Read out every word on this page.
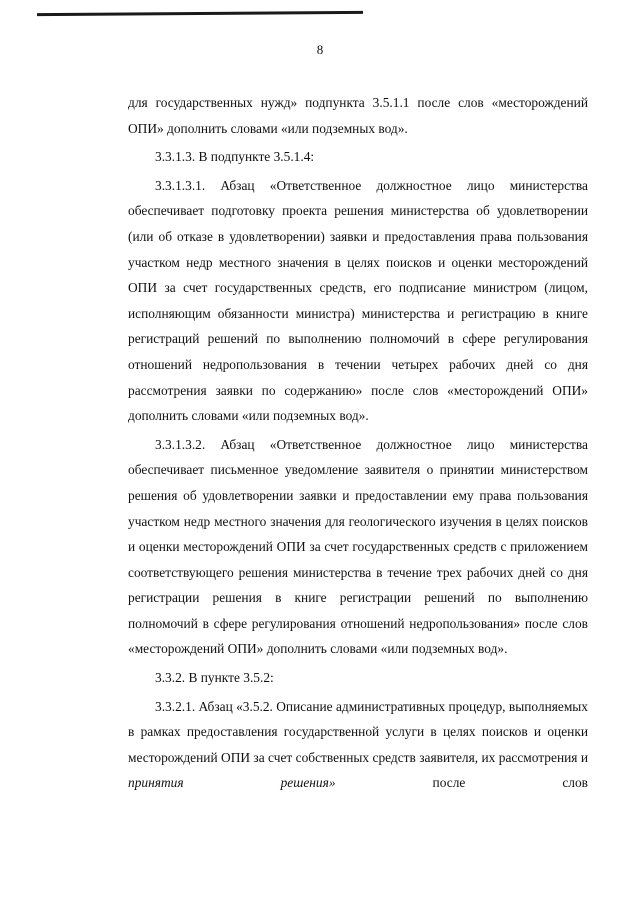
8

для государственных нужд» подпункта 3.5.1.1 после слов «месторождений ОПИ» дополнить словами «или подземных вод».

3.3.1.3. В подпункте 3.5.1.4:

3.3.1.3.1. Абзац «Ответственное должностное лицо министерства обеспечивает подготовку проекта решения министерства об удовлетворении (или об отказе в удовлетворении) заявки и предоставления права пользования участком недр местного значения в целях поисков и оценки месторождений ОПИ за счет государственных средств, его подписание министром (лицом, исполняющим обязанности министра) министерства и регистрацию в книге регистраций решений по выполнению полномочий в сфере регулирования отношений недропользования в течении четырех рабочих дней со дня рассмотрения заявки по содержанию» после слов «месторождений ОПИ» дополнить словами «или подземных вод».

3.3.1.3.2. Абзац «Ответственное должностное лицо министерства обеспечивает письменное уведомление заявителя о принятии министерством решения об удовлетворении заявки и предоставлении ему права пользования участком недр местного значения для геологического изучения в целях поисков и оценки месторождений ОПИ за счет государственных средств с приложением соответствующего решения министерства в течение трех рабочих дней со дня регистрации решения в книге регистрации решений по выполнению полномочий в сфере регулирования отношений недропользования» после слов «месторождений ОПИ» дополнить словами «или подземных вод».

3.3.2. В пункте 3.5.2:

3.3.2.1. Абзац «3.5.2. Описание административных процедур, выполняемых в рамках предоставления государственной услуги в целях поисков и оценки месторождений ОПИ за счет собственных средств заявителя, их рассмотрения и принятия решения» после слов
